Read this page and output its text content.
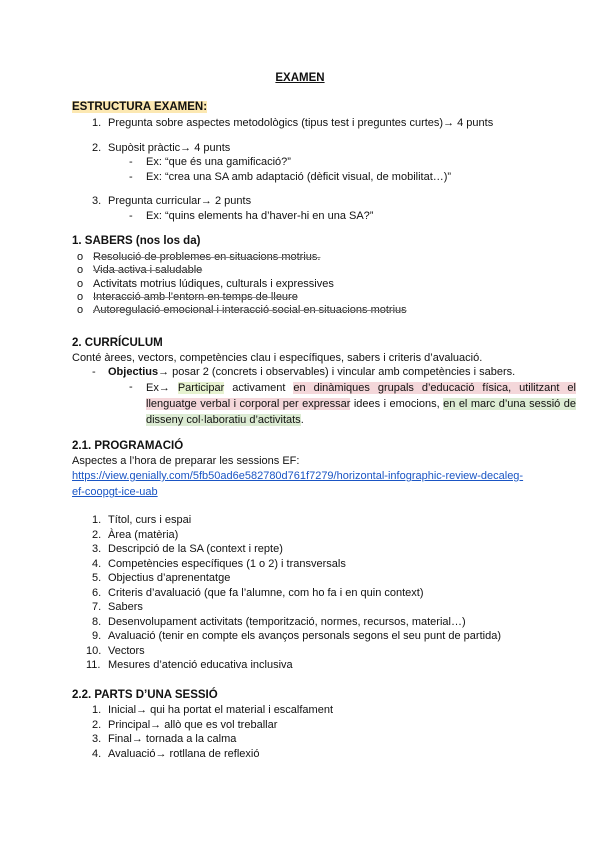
EXAMEN
ESTRUCTURA EXAMEN:
1. Pregunta sobre aspectes metodològics (tipus test i preguntes curtes)→ 4 punts
2. Supòsit pràctic→ 4 punts
- Ex: “que és una gamificació?”
- Ex: “crea una SA amb adaptació (dèficit visual, de mobilitat…)”
3. Pregunta curricular→ 2 punts
- Ex: “quins elements ha d’haver-hi en una SA?”
1. SABERS (nos los da)
o Resolució de problemes en situacions motrius.
o Vida activa i saludable
o Activitats motrius lúdiques, culturals i expressives
o Interacció amb l’entorn en temps de lleure
o Autoregulació emocional i interacció social en situacions motrius
2. CURRÍCULUM
Conté àrees, vectors, competències clau i específiques, sabers i criteris d’avaluació.
- Objectius→ posar 2 (concrets i observables) i vincular amb competències i sabers.
- Ex→ Participar activament en dinàmiques grupals d’educació física, utilitzant el llenguatge verbal i corporal per expressar idees i emocions, en el marc d’una sessió de disseny col·laboratiu d’activitats.
2.1. PROGRAMACIÓ
Aspectes a l’hora de preparar les sessions EF:
https://view.genially.com/5fb50ad6e582780d761f7279/horizontal-infographic-review-decaleg-
ef-coopgt-ice-uab
1. Títol, curs i espai
2. Àrea (matèria)
3. Descripció de la SA (context i repte)
4. Competències específiques (1 o 2) i transversals
5. Objectius d’aprenentatge
6. Criteris d’avaluació (que fa l’alumne, com ho fa i en quin context)
7. Sabers
8. Desenvolupament activitats (temporització, normes, recursos, material…)
9. Avaluació (tenir en compte els avanços personals segons el seu punt de partida)
10. Vectors
11. Mesures d’atenció educativa inclusiva
2.2. PARTS D’UNA SESSIÓ
1. Inicial→ qui ha portat el material i escalfament
2. Principal→ allò que es vol treballar
3. Final→ tornada a la calma
4. Avaluació→ rotllana de reflexió
